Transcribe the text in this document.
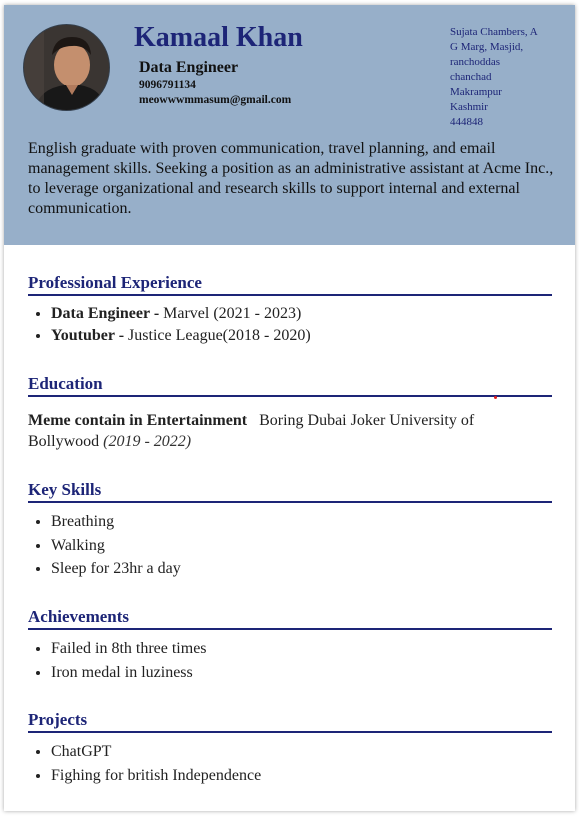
Kamaal Khan
Data Engineer
9096791134
meowwwmmasum@gmail.com
Sujata Chambers, A
G Marg, Masjid,
ranchoddas
chanchad
Makrampur
Kashmir
444848
English graduate with proven communication, travel planning, and email management skills. Seeking a position as an administrative assistant at Acme Inc., to leverage organizational and research skills to support internal and external communication.
Professional Experience
• Data Engineer - Marvel (2021 - 2023)
• Youtuber - Justice League(2018 - 2020)
Education
Meme contain in Entertainment Boring Dubai Joker University of Bollywood (2019 - 2022)
Key Skills
• Breathing
• Walking
• Sleep for 23hr a day
Achievements
• Failed in 8th three times
• Iron medal in luziness
Projects
• ChatGPT
• Fighing for british Independence
